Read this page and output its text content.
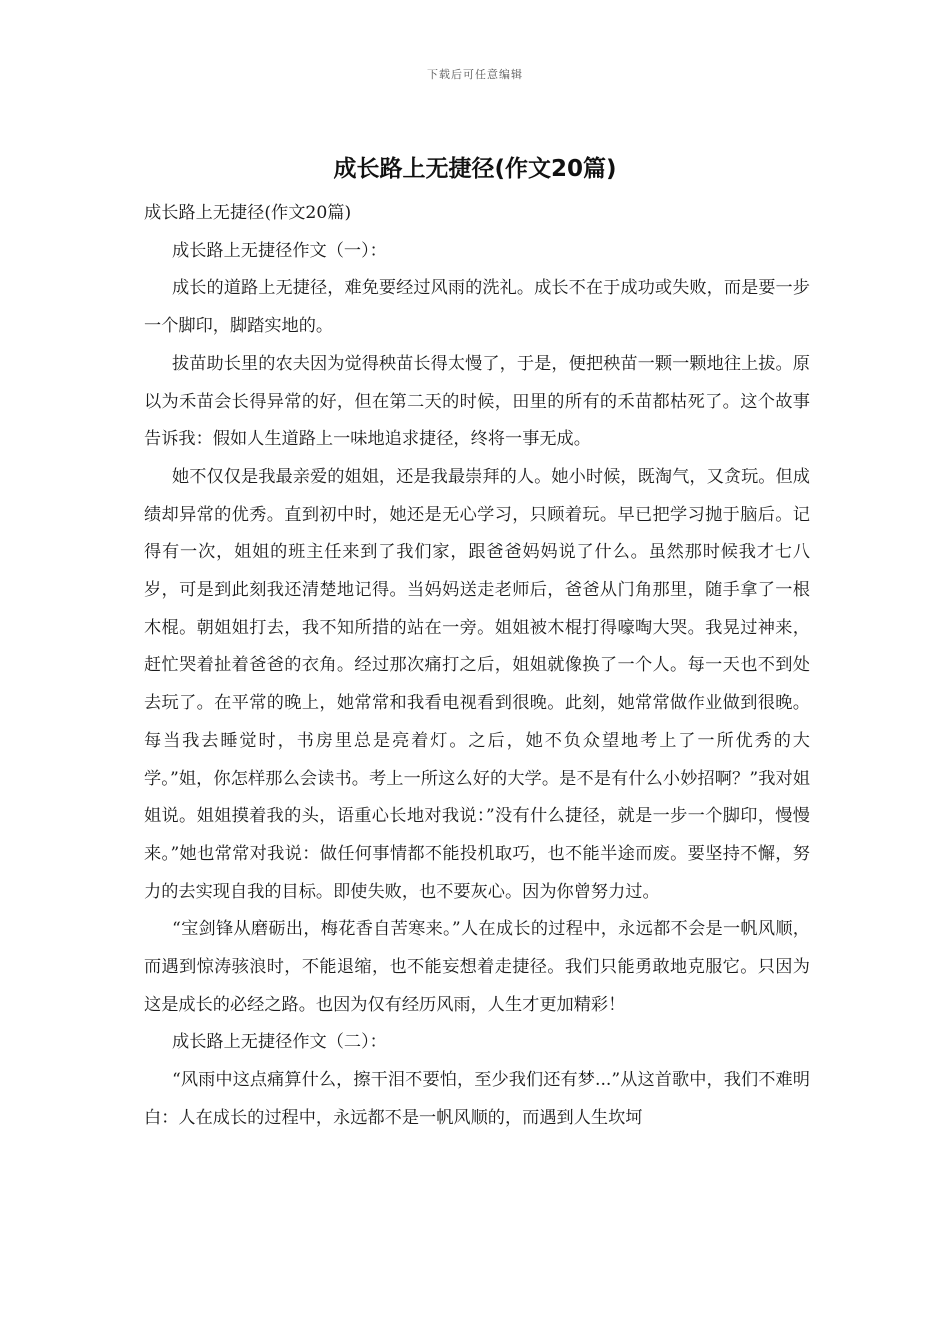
下载后可任意编辑
成长路上无捷径(作文20篇)

成长路上无捷径(作文20篇)

成长路上无捷径作文（一）：

成长的道路上无捷径，难免要经过风雨的洗礼。成长不在于成功或失败，而是要一步一个脚印，脚踏实地的。

拔苗助长里的农夫因为觉得秧苗长得太慢了，于是，便把秧苗一颗一颗地往上拔。原以为禾苗会长得异常的好，但在第二天的时候，田里的所有的禾苗都枯死了。这个故事告诉我：假如人生道路上一味地追求捷径，终将一事无成。

她不仅仅是我最亲爱的姐姐，还是我最崇拜的人。她小时候，既淘气，又贪玩。但成绩却异常的优秀。直到初中时，她还是无心学习，只顾着玩。早已把学习抛于脑后。记得有一次，姐姐的班主任来到了我们家，跟爸爸妈妈说了什么。虽然那时候我才七八岁，可是到此刻我还清楚地记得。当妈妈送走老师后，爸爸从门角那里，随手拿了一根木棍。朝姐姐打去，我不知所措的站在一旁。姐姐被木棍打得嚎啕大哭。我晃过神来，赶忙哭着扯着爸爸的衣角。经过那次痛打之后，姐姐就像换了一个人。每一天也不到处去玩了。在平常的晚上，她常常和我看电视看到很晚。此刻，她常常做作业做到很晚。每当我去睡觉时，书房里总是亮着灯。之后，她不负众望地考上了一所优秀的大学。”姐，你怎样那么会读书。考上一所这么好的大学。是不是有什么小妙招啊？”我对姐姐说。姐姐摸着我的头，语重心长地对我说：”没有什么捷径，就是一步一个脚印，慢慢来。”她也常常对我说：做任何事情都不能投机取巧，也不能半途而废。要坚持不懈，努力的去实现自我的目标。即使失败，也不要灰心。因为你曾努力过。

“宝剑锋从磨砺出，梅花香自苦寒来。”人在成长的过程中，永远都不会是一帆风顺，而遇到惊涛骇浪时，不能退缩，也不能妄想着走捷径。我们只能勇敢地克服它。只因为这是成长的必经之路。也因为仅有经历风雨，人生才更加精彩！

成长路上无捷径作文（二）：

“风雨中这点痛算什么，擦干泪不要怕，至少我们还有梦...”从这首歌中，我们不难明白：人在成长的过程中，永远都不是一帆风顺的，而遇到人生坎坷
